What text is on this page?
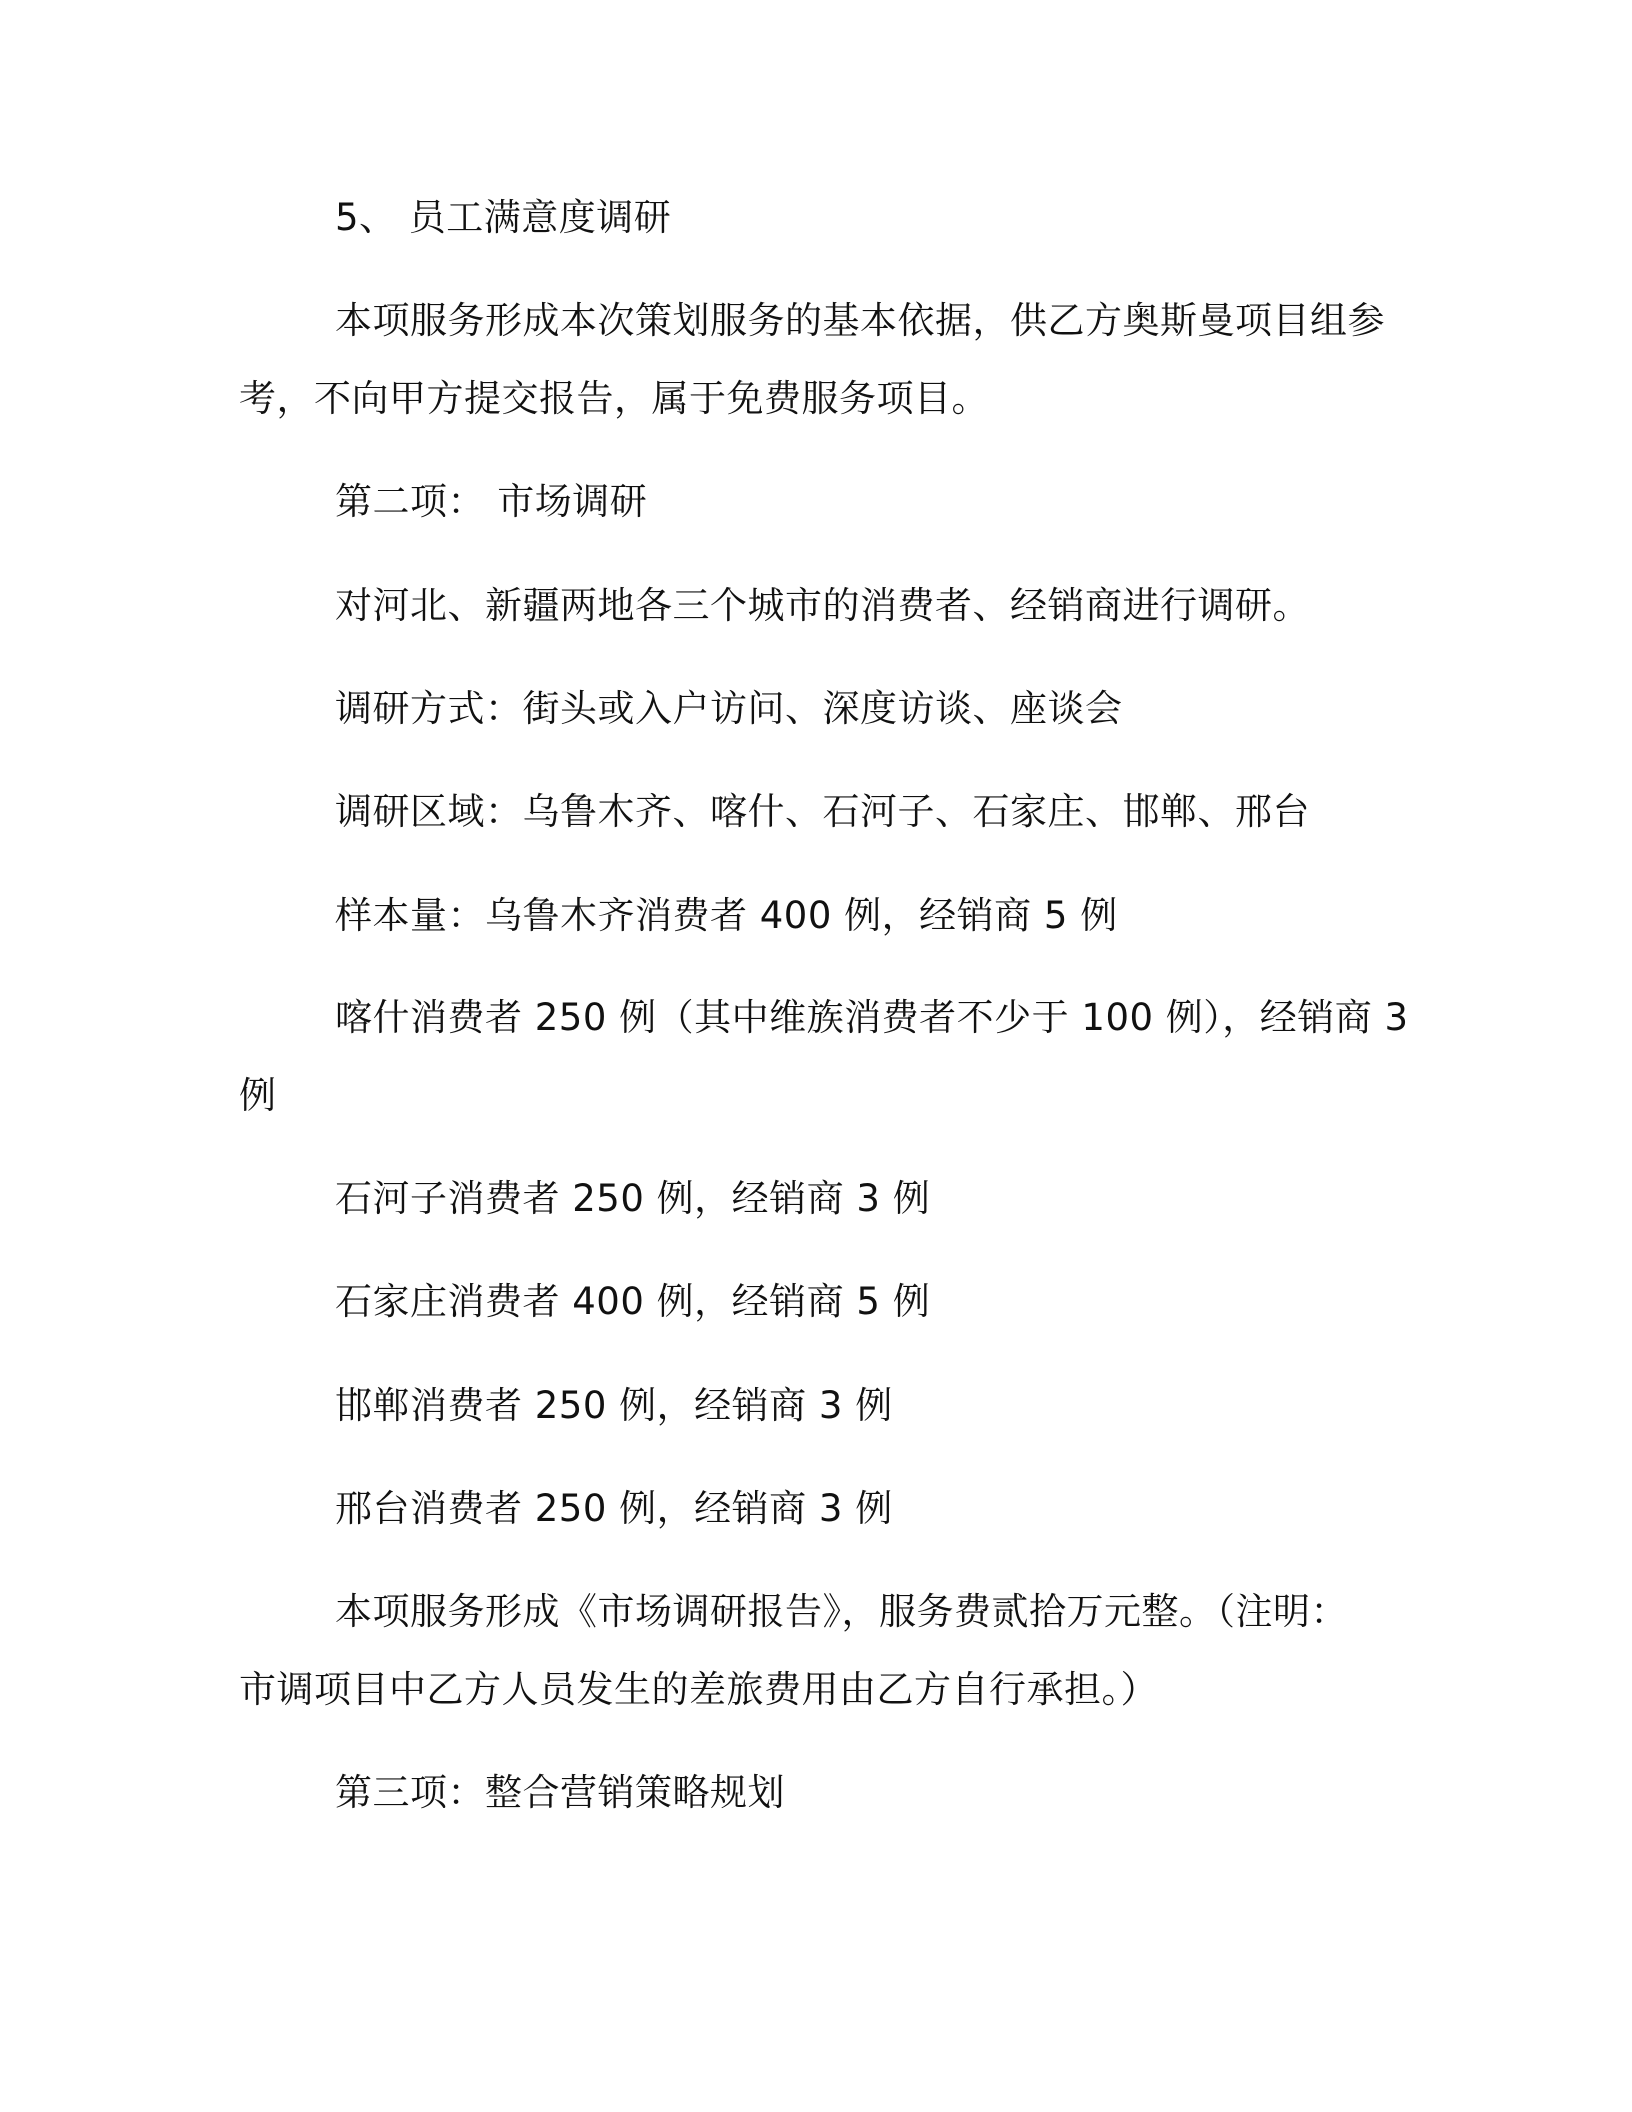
5、 员工满意度调研
本项服务形成本次策划服务的基本依据，供乙方奥斯曼项目组参
考，不向甲方提交报告，属于免费服务项目。
第二项： 市场调研
对河北、新疆两地各三个城市的消费者、经销商进行调研。
调研方式：街头或入户访问、深度访谈、座谈会
调研区域：乌鲁木齐、喀什、石河子、石家庄、邯郸、邢台
样本量：乌鲁木齐消费者 400 例，经销商 5 例
喀什消费者 250 例（其中维族消费者不少于 100 例），经销商 3
例
石河子消费者 250 例，经销商 3 例
石家庄消费者 400 例，经销商 5 例
邯郸消费者 250 例，经销商 3 例
邢台消费者 250 例，经销商 3 例
本项服务形成《市场调研报告》，服务费贰拾万元整。（注明：
市调项目中乙方人员发生的差旅费用由乙方自行承担。）
第三项：整合营销策略规划
